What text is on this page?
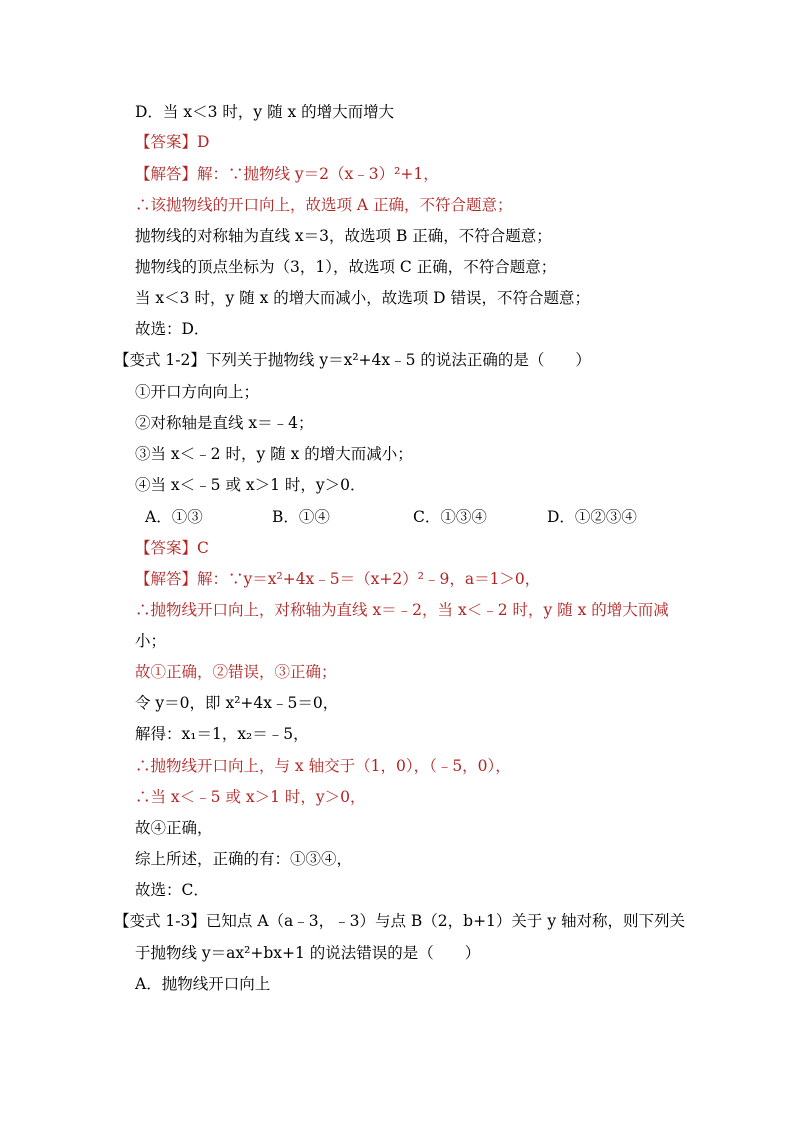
D．当 x＜3 时，y 随 x 的增大而增大
【答案】D
【解答】解：∵抛物线 y＝2（x﹣3）²+1，
∴该抛物线的开口向上，故选项 A 正确，不符合题意；
抛物线的对称轴为直线 x＝3，故选项 B 正确，不符合题意；
抛物线的顶点坐标为（3，1），故选项 C 正确，不符合题意；
当 x＜3 时，y 随 x 的增大而减小，故选项 D 错误，不符合题意；
故选：D．
【变式 1-2】下列关于抛物线 y＝x²+4x﹣5 的说法正确的是（　　）
①开口方向向上；
②对称轴是直线 x＝﹣4；
③当 x＜﹣2 时，y 随 x 的增大而减小；
④当 x＜﹣5 或 x＞1 时，y＞0．
【答案】C
【解答】解：∵y＝x²+4x﹣5＝（x+2）²﹣9，a＝1＞0，
∴抛物线开口向上，对称轴为直线 x＝﹣2，当 x＜﹣2 时，y 随 x 的增大而减
小；
故①正确，②错误，③正确；
令 y＝0，即 x²+4x﹣5＝0，
解得：x₁＝1，x₂＝﹣5，
∴抛物线开口向上，与 x 轴交于（1，0），（﹣5，0），
∴当 x＜﹣5 或 x＞1 时，y＞0，
故④正确，
综上所述，正确的有：①③④，
故选：C．
【变式 1-3】已知点 A（a﹣3，﹣3）与点 B（2，b+1）关于 y 轴对称，则下列关
于抛物线 y＝ax²+bx+1 的说法错误的是（　　）
A．抛物线开口向上
A．①③	B．①④	C．①③④	D．①②③④
